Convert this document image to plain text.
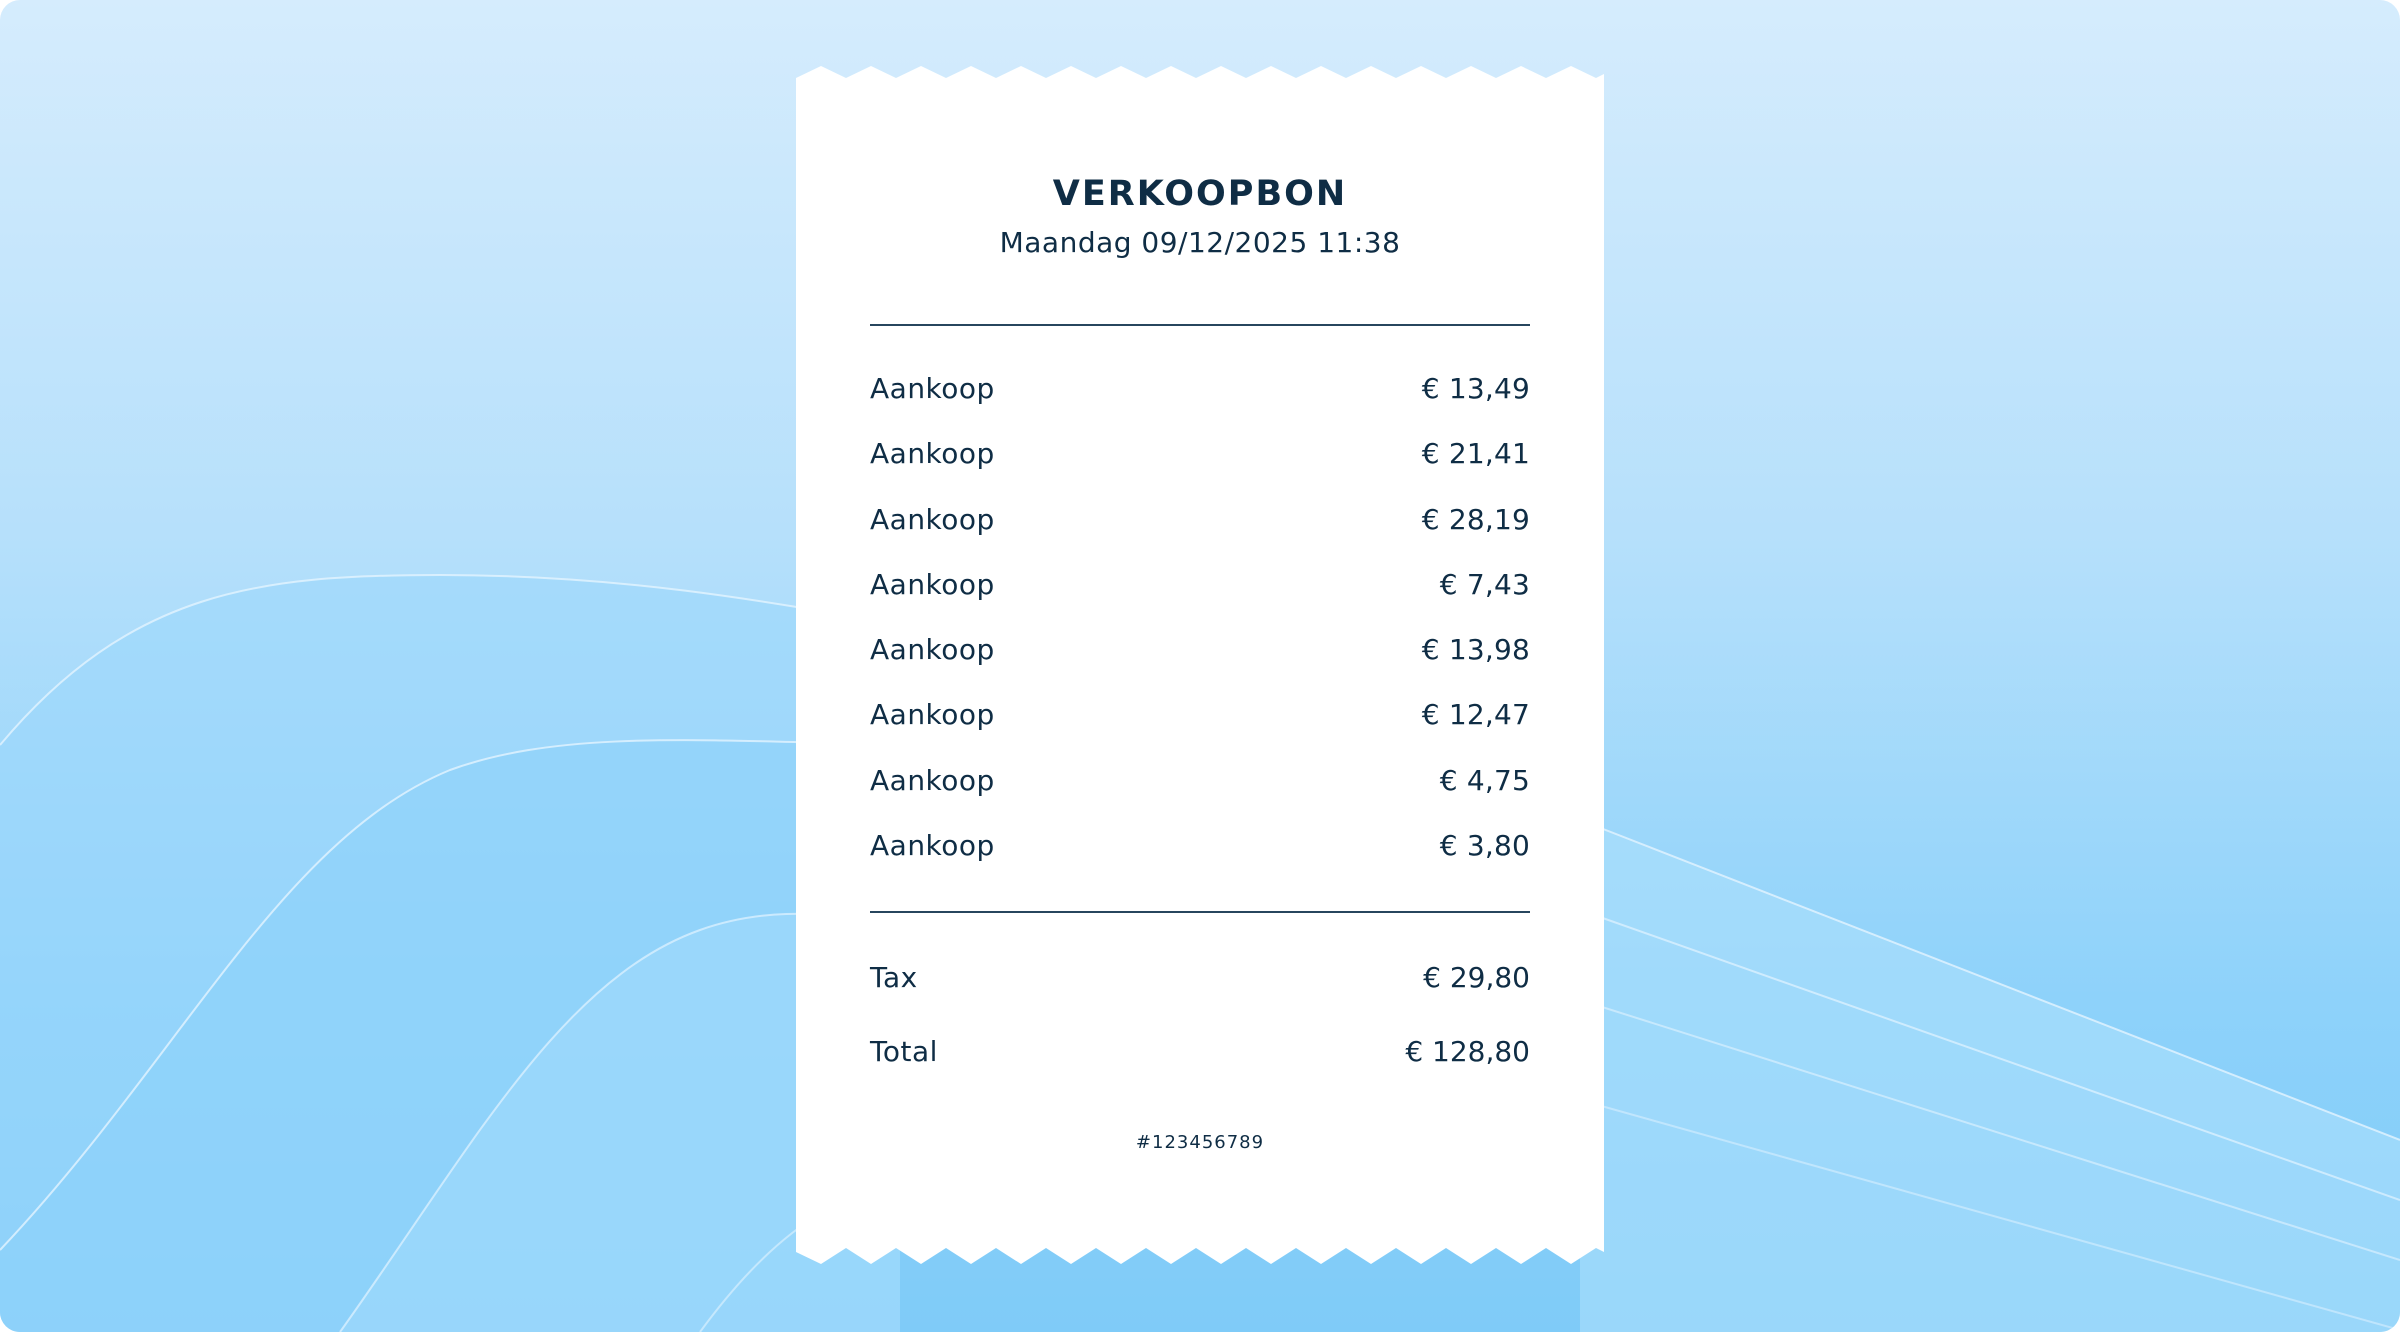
VERKOOPBON
Maandag 09/12/2025 11:38
Aankoop	€ 13,49
Aankoop	€ 21,41
Aankoop	€ 28,19
Aankoop	€ 7,43
Aankoop	€ 13,98
Aankoop	€ 12,47
Aankoop	€ 4,75
Aankoop	€ 3,80
Tax	€ 29,80
Total	€ 128,80
#123456789
